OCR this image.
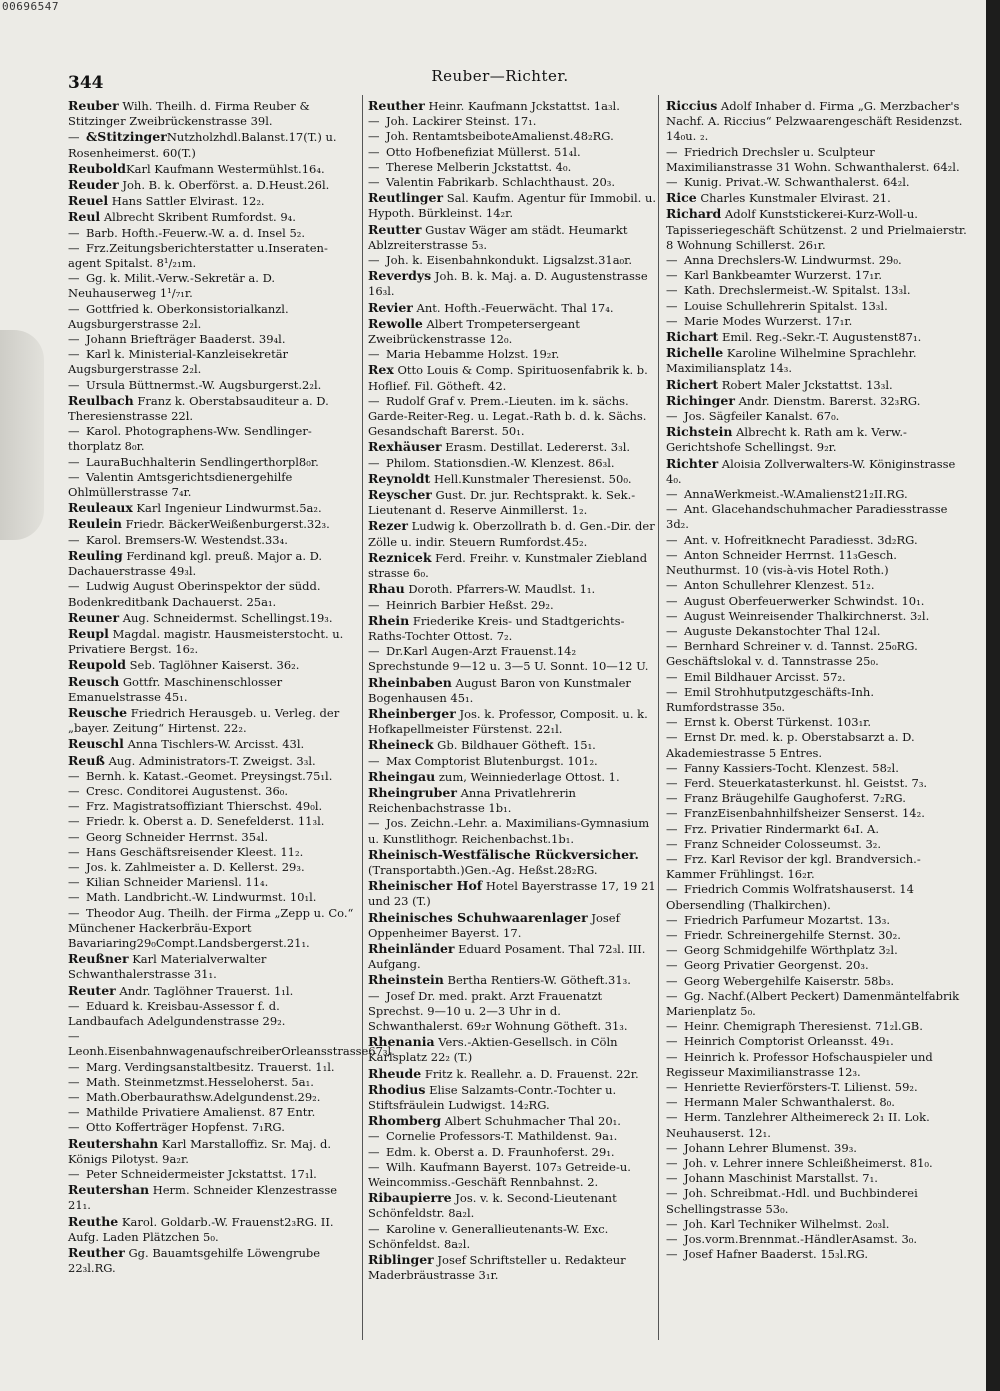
00696547
344	Reuber—Richter.

Reuber Wilh. Theilh. d. Firma Reuber & Stitzinger Zweibrückenstrasse 39l.

— &StitzingerNutzholzhdl.Balanst.17(T.) u. Rosenheimerst. 60(T.)

ReuboldKarl Kaufmann Westermühlst.16₄.

Reuder Joh. B. k. Oberförst. a. D.Heust.26l.

Reuel Hans Sattler Elvirast. 12₂.

Reul Albrecht Skribent Rumfordst. 9₄.

— Barb. Hofth.-Feuerw.-W. a. d. Insel 5₂.

— Frz.Zeitungsberichterstatter u.Inseraten-agent Spitalst. 8¹/₂₁m.

— Gg. k. Milit.-Verw.-Sekretär a. D. Neuhauserweg 1¹/₇₁r.

— Gottfried k. Oberkonsistorialkanzl. Augsburgerstrasse 2₂l.

— Johann Briefträger Baaderst. 39₄l.

— Karl k. Ministerial-Kanzleisekretär Augsburgerstrasse 2₂l.

— Ursula Büttnermst.-W. Augsburgerst.2₂l.

Reulbach Franz k. Oberstabsauditeur a. D. Theresienstrasse 22l.

— Karol. Photographens-Ww. Sendlinger-thorplatz 8₀r.

— LauraBuchhalterin Sendlingerthorpl8₀r.

— Valentin Amtsgerichtsdienergehilfe Ohlmüllerstrasse 7₄r.

Reuleaux Karl Ingenieur Lindwurmst.5a₂.

Reulein Friedr. BäckerWeißenburgerst.32₃.

— Karol. Bremsers-W. Westendst.33₄.

Reuling Ferdinand kgl. preuß. Major a. D. Dachauerstrasse 49₃l.

— Ludwig August Oberinspektor der südd. Bodenkreditbank Dachauerst. 25a₁.

Reuner Aug. Schneidermst. Schellingst.19₃.

Reupl Magdal. magistr. Hausmeisterstocht. u. Privatiere Bergst. 16₂.

Reupold Seb. Taglöhner Kaiserst. 36₂.

Reusch Gottfr. Maschinenschlosser Emanuelstrasse 45₁.

Reusche Friedrich Herausgeb. u. Verleg. der „bayer. Zeitung“ Hirtenst. 22₂.

Reuschl Anna Tischlers-W. Arcisst. 43l.

Reuß Aug. Administrators-T. Zweigst. 3₃l.

— Bernh. k. Katast.-Geomet. Preysingst.75₁l.

— Cresc. Conditorei Augustenst. 36₀.

— Frz. Magistratsoffiziant Thierschst. 49₀l.

— Friedr. k. Oberst a. D. Senefelderst. 11₃l.

— Georg Schneider Herrnst. 35₄l.

— Hans Geschäftsreisender Kleest. 11₂.

— Jos. k. Zahlmeister a. D. Kellerst. 29₃.

— Kilian Schneider Mariensl. 11₄.

— Math. Landbricht.-W. Lindwurmst. 10₁l.

— Theodor Aug. Theilh. der Firma „Zepp u. Co.“ Münchener Hackerbräu-Export Bavariaring29₀Compt.Landsbergerst.21₁.

Reußner Karl Materialverwalter Schwanthalerstrasse 31₁.

Reuter Andr. Taglöhner Trauerst. 1₁l.

— Eduard k. Kreisbau-Assessor f. d. Landbaufach Adelgundenstrasse 29₂.

—Leonh.EisenbahnwagenaufschreiberOrleansstrasse67₃l.

— Marg. Verdingsanstaltbesitz. Trauerst. 1₁l.

— Math. Steinmetzmst.Hesseloherst. 5a₁.

— Math.Oberbaurathsw.Adelgundenst.29₂.

— Mathilde Privatiere Amalienst. 87 Entr.

— Otto Kofferträger Hopfenst. 7₁RG.

Reutershahn Karl Marstalloffiz. Sr. Maj. d. Königs Pilotyst. 9a₂r.

— Peter Schneidermeister Jckstattst. 17₁l.

Reutershan Herm. Schneider Klenzestrasse 21₁.

Reuthe Karol. Goldarb.-W. Frauenst2₃RG. II. Aufg. Laden Plätzchen 5₀.

Reuther Gg. Bauamtsgehilfe Löwengrube 22₃l.RG.

Reuther Heinr. Kaufmann Jckstattst. 1a₃l.

— Joh. Lackirer Steinst. 17₁.

— Joh. RentamtsbeiboteAmalienst.48₂RG.

— Otto Hofbenefiziat Müllerst. 51₄l.

— Therese Melberin Jckstattst. 4₀.

— Valentin Fabrikarb. Schlachthaust. 20₃.

Reutlinger Sal. Kaufm. Agentur für Immobil. u. Hypoth. Bürkleinst. 14₂r.

Reutter Gustav Wäger am städt. Heumarkt Ablzreiterstrasse 5₃.

— Joh. k. Eisenbahnkondukt. Ligsalzst.31a₀r.

Reverdys Joh. B. k. Maj. a. D. Augustenstrasse 16₃l.

Revier Ant. Hofth.-Feuerwächt. Thal 17₄.

Rewolle Albert Trompetersergeant Zweibrückenstrasse 12₀.

— Maria Hebamme Holzst. 19₂r.

Rex Otto Louis & Comp. Spirituosenfabrik k. b. Hoflief. Fil. Götheft. 42.

— Rudolf Graf v. Prem.-Lieuten. im k. sächs. Garde-Reiter-Reg. u. Legat.-Rath b. d. k. Sächs. Gesandschaft Barerst. 50₁.

Rexhäuser Erasm. Destillat. Ledererst. 3₃l.

— Philom. Stationsdien.-W. Klenzest. 86₃l.

Reynoldt Hell.Kunstmaler Theresienst. 50₀.

Reyscher Gust. Dr. jur. Rechtsprakt. k. Sek.-Lieutenant d. Reserve Ainmillerst. 1₂.

Rezer Ludwig k. Oberzollrath b. d. Gen.-Dir. der Zölle u. indir. Steuern Rumfordst.45₂.

Reznicek Ferd. Freihr. v. Kunstmaler Ziebland strasse 6₀.

Rhau Doroth. Pfarrers-W. Maudlst. 1₁.

— Heinrich Barbier Heßst. 29₂.

Rhein Friederike Kreis- und Stadtgerichts-Raths-Tochter Ottost. 7₂.

— Dr.Karl Augen-Arzt Frauenst.14₂ Sprechstunde 9—12 u. 3—5 U. Sonnt. 10—12 U.

Rheinbaben August Baron von Kunstmaler Bogenhausen 45₁.

Rheinberger Jos. k. Professor, Composit. u. k. Hofkapellmeister Fürstenst. 22₁l.

Rheineck Gb. Bildhauer Götheft. 15₁.

— Max Comptorist Blutenburgst. 101₂.

Rheingau zum, Weinniederlage Ottost. 1.

Rheingruber Anna Privatlehrerin Reichenbachstrasse 1b₁.

— Jos. Zeichn.-Lehr. a. Maximilians-Gymnasium u. Kunstlithogr. Reichenbachst.1b₁.

Rheinisch-Westfälische Rückversicher. (Transportabth.)Gen.-Ag. Heßst.28₂RG.

Rheinischer Hof Hotel Bayerstrasse 17, 19 21 und 23 (T.)

Rheinisches Schuhwaarenlager Josef Oppenheimer Bayerst. 17.

Rheinländer Eduard Posament. Thal 72₃l. III. Aufgang.

Rheinstein Bertha Rentiers-W. Götheft.31₃.

— Josef Dr. med. prakt. Arzt Frauenatzt Sprechst. 9—10 u. 2—3 Uhr in d. Schwanthalerst. 69₂r Wohnung Götheft. 31₃.

Rhenania Vers.-Aktien-Gesellsch. in Cöln Karlsplatz 22₂ (T.)

Rheude Fritz k. Reallehr. a. D. Frauenst. 22r.

Rhodius Elise Salzamts-Contr.-Tochter u. Stiftsfräulein Ludwigst. 14₂RG.

Rhomberg Albert Schuhmacher Thal 20₁.

— Cornelie Professors-T. Mathildenst. 9a₁.

— Edm. k. Oberst a. D. Fraunhoferst. 29₁.

— Wilh. Kaufmann Bayerst. 107₃ Getreide-u. Weincommiss.-Geschäft Rennbahnst. 2.

Ribaupierre Jos. v. k. Second-Lieutenant Schönfeldstr. 8a₂l.

— Karoline v. Generallieutenants-W. Exc. Schönfeldst. 8a₂l.

Riblinger Josef Schriftsteller u. Redakteur Maderbräustrasse 3₁r.

Riccius Adolf Inhaber d. Firma „G. Merzbacher's Nachf. A. Riccius“ Pelzwaarengeschäft Residenzst. 14₀u. ₂.

— Friedrich Drechsler u. Sculpteur Maximilianstrasse 31 Wohn. Schwanthalerst. 64₂l.

— Kunig. Privat.-W. Schwanthalerst. 64₂l.

Rice Charles Kunstmaler Elvirast. 21.

Richard Adolf Kunststickerei-Kurz-Woll-u. Tapisseriegeschäft Schützenst. 2 und Prielmaierstr. 8 Wohnung Schillerst. 26₁r.

— Anna Drechslers-W. Lindwurmst. 29₀.

— Karl Bankbeamter Wurzerst. 17₁r.

— Kath. Drechslermeist.-W. Spitalst. 13₃l.

— Louise Schullehrerin Spitalst. 13₃l.

— Marie Modes Wurzerst. 17₁r.

Richart Emil. Reg.-Sekr.-T. Augustenst87₁.

Richelle Karoline Wilhelmine Sprachlehr. Maximiliansplatz 14₃.

Richert Robert Maler Jckstattst. 13₃l.

Richinger Andr. Dienstm. Barerst. 32₃RG.

— Jos. Sägfeiler Kanalst. 67₀.

Richstein Albrecht k. Rath am k. Verw.-Gerichtshofe Schellingst. 9₂r.

Richter Aloisia Zollverwalters-W. Königinstrasse 4₀.

— AnnaWerkmeist.-W.Amalienst21₂II.RG.

— Ant. Glacehandschuhmacher Paradiesstrasse 3d₂.

— Ant. v. Hofreitknecht Paradiesst. 3d₂RG.

— Anton Schneider Herrnst. 11₃Gesch. Neuthurmst. 10 (vis-à-vis Hotel Roth.)

— Anton Schullehrer Klenzest. 51₂.

— August Oberfeuerwerker Schwindst. 10₁.

— August Weinreisender Thalkirchnerst. 3₂l.

— Auguste Dekanstochter Thal 12₄l.

— Bernhard Schreiner v. d. Tannst. 25₀RG. Geschäftslokal v. d. Tannstrasse 25₀.

— Emil Bildhauer Arcisst. 57₂.

— Emil Strohhutputzgeschäfts-Inh. Rumfordstrasse 35₀.

— Ernst k. Oberst Türkenst. 103₁r.

— Ernst Dr. med. k. p. Oberstabsarzt a. D. Akademiestrasse 5 Entres.

— Fanny Kassiers-Tocht. Klenzest. 58₂l.

— Ferd. Steuerkatasterkunst. hl. Geistst. 7₃.

— Franz Bräugehilfe Gaughoferst. 7₂RG.

— FranzEisenbahnhilfsheizer Senserst. 14₂.

— Frz. Privatier Rindermarkt 6₄I. A.

— Franz Schneider Colosseumst. 3₂.

— Frz. Karl Revisor der kgl. Brandversich.-Kammer Frühlingst. 16₂r.

— Friedrich Commis Wolfratshauserst. 14 Obersendling (Thalkirchen).

— Friedrich Parfumeur Mozartst. 13₃.

— Friedr. Schreinergehilfe Sternst. 30₂.

— Georg Schmidgehilfe Wörthplatz 3₂l.

— Georg Privatier Georgenst. 20₃.

— Georg Webergehilfe Kaiserstr. 58b₃.

— Gg. Nachf.(Albert Peckert) Damenmäntelfabrik Marienplatz 5₀.

— Heinr. Chemigraph Theresienst. 71₂l.GB.

— Heinrich Comptorist Orleansst. 49₁.

— Heinrich k. Professor Hofschauspieler und Regisseur Maximilianstrasse 12₃.

— Henriette Revierförsters-T. Lilienst. 59₂.

— Hermann Maler Schwanthalerst. 8₀.

— Herm. Tanzlehrer Altheimereck 2₁ II. Lok. Neuhauserst. 12₁.

— Johann Lehrer Blumenst. 39₃.

— Joh. v. Lehrer innere Schleißheimerst. 81₀.

— Johann Maschinist Marstallst. 7₁.

— Joh. Schreibmat.-Hdl. und Buchbinderei Schellingstrasse 53₀.

— Joh. Karl Techniker Wilhelmst. 2₀₃l.

— Jos.vorm.Brennmat.-HändlerAsamst. 3₀.

— Josef Hafner Baaderst. 15₃l.RG.
